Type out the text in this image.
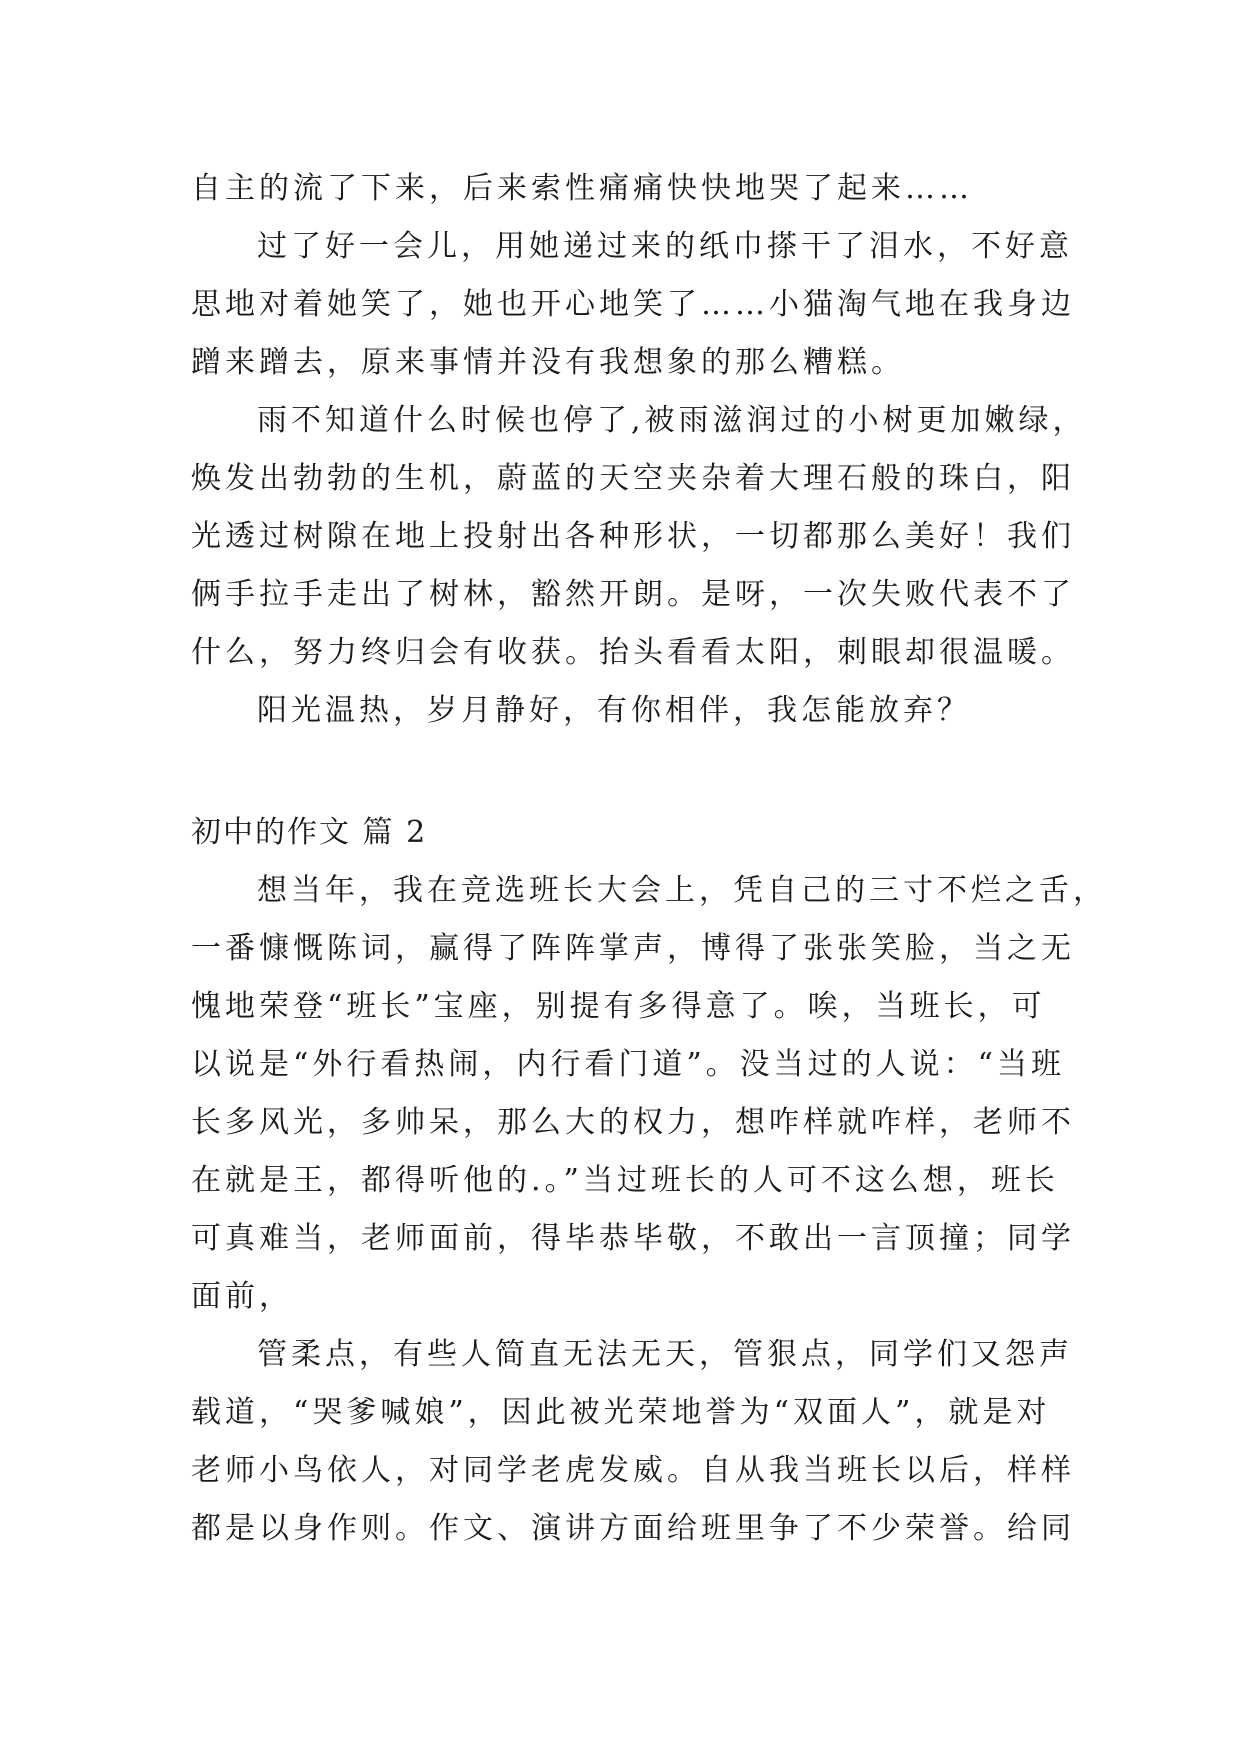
自主的流了下来，后来索性痛痛快快地哭了起来……
过了好一会儿，用她递过来的纸巾搽干了泪水，不好意
思地对着她笑了，她也开心地笑了……小猫淘气地在我身边
蹭来蹭去，原来事情并没有我想象的那么糟糕。
雨不知道什么时候也停了,被雨滋润过的小树更加嫩绿，
焕发出勃勃的生机，蔚蓝的天空夹杂着大理石般的珠白，阳
光透过树隙在地上投射出各种形状，一切都那么美好！我们
俩手拉手走出了树林，豁然开朗。是呀，一次失败代表不了
什么，努力终归会有收获。抬头看看太阳，刺眼却很温暖。
阳光温热，岁月静好，有你相伴，我怎能放弃？
初中的作文 篇 2
想当年，我在竞选班长大会上，凭自己的三寸不烂之舌，
一番慷慨陈词，赢得了阵阵掌声，博得了张张笑脸，当之无
愧地荣登“班长”宝座，别提有多得意了。唉，当班长，可
以说是“外行看热闹，内行看门道”。没当过的人说：“当班
长多风光，多帅呆，那么大的权力，想咋样就咋样，老师不
在就是王，都得听他的.。”当过班长的人可不这么想，班长
可真难当，老师面前，得毕恭毕敬，不敢出一言顶撞；同学
面前，
管柔点，有些人简直无法无天，管狠点，同学们又怨声
载道，“哭爹喊娘”，因此被光荣地誉为“双面人”，就是对
老师小鸟依人，对同学老虎发威。自从我当班长以后，样样
都是以身作则。作文、演讲方面给班里争了不少荣誉。给同
